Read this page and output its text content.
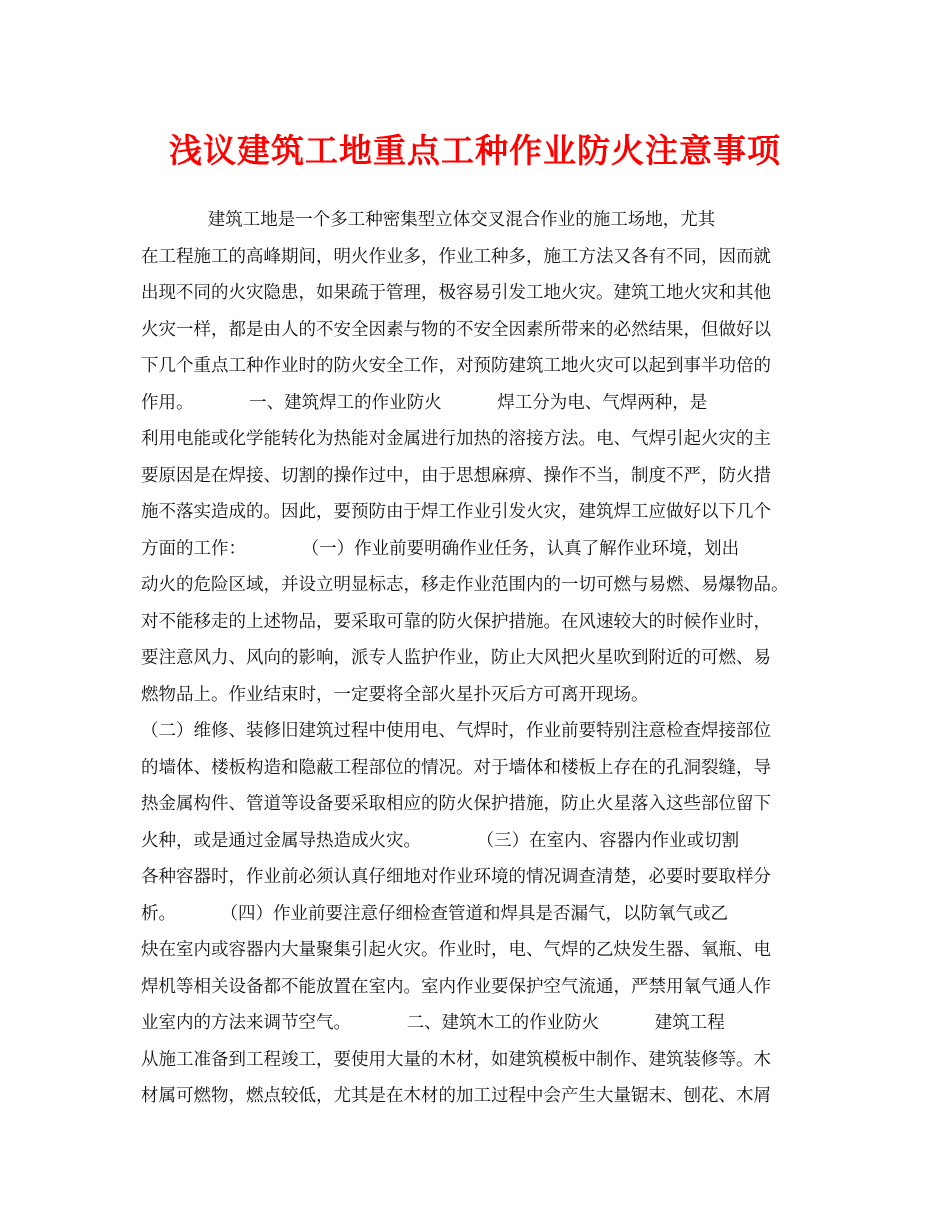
浅议建筑工地重点工种作业防火注意事项
建筑工地是一个多工种密集型立体交叉混合作业的施工场地，尤其
在工程施工的高峰期间，明火作业多，作业工种多，施工方法又各有不同，因而就
出现不同的火灾隐患，如果疏于管理，极容易引发工地火灾。建筑工地火灾和其他
火灾一样，都是由人的不安全因素与物的不安全因素所带来的必然结果，但做好以
下几个重点工种作业时的防火安全工作，对预防建筑工地火灾可以起到事半功倍的
作用。          一、建筑焊工的作业防火          焊工分为电、气焊两种，是
利用电能或化学能转化为热能对金属进行加热的溶接方法。电、气焊引起火灾的主
要原因是在焊接、切割的操作过中，由于思想麻痹、操作不当，制度不严，防火措
施不落实造成的。因此，要预防由于焊工作业引发火灾，建筑焊工应做好以下几个
方面的工作：          （一）作业前要明确作业任务，认真了解作业环境，划出
动火的危险区域，并设立明显标志，移走作业范围内的一切可燃与易燃、易爆物品。
对不能移走的上述物品，要采取可靠的防火保护措施。在风速较大的时候作业时，
要注意风力、风向的影响，派专人监护作业，防止大风把火星吹到附近的可燃、易
燃物品上。作业结束时，一定要将全部火星扑灭后方可离开现场。
（二）维修、装修旧建筑过程中使用电、气焊时，作业前要特别注意检查焊接部位
的墙体、楼板构造和隐蔽工程部位的情况。对于墙体和楼板上存在的孔洞裂缝，导
热金属构件、管道等设备要采取相应的防火保护措施，防止火星落入这些部位留下
火种，或是通过金属导热造成火灾。          （三）在室内、容器内作业或切割
各种容器时，作业前必须认真仔细地对作业环境的情况调查清楚，必要时要取样分
析。        （四）作业前要注意仔细检查管道和焊具是否漏气，以防氧气或乙
炔在室内或容器内大量聚集引起火灾。作业时，电、气焊的乙炔发生器、氧瓶、电
焊机等相关设备都不能放置在室内。室内作业要保护空气流通，严禁用氧气通人作
业室内的方法来调节空气。          二、建筑木工的作业防火          建筑工程
从施工准备到工程竣工，要使用大量的木材，如建筑模板中制作、建筑装修等。木
材属可燃物，燃点较低，尤其是在木材的加工过程中会产生大量锯末、刨花、木屑
